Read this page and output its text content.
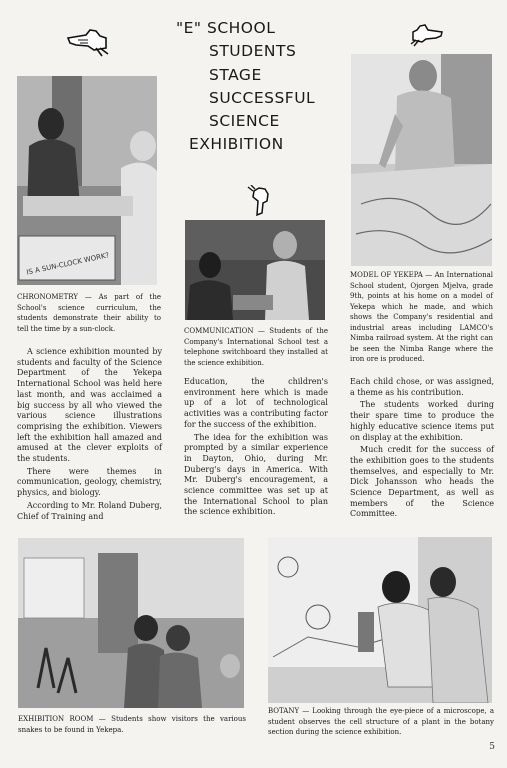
"E" SCHOOL
STUDENTS
STAGE
SUCCESSFUL
SCIENCE
EXHIBITION
IS A SUN-CLOCK WORK?
CHRONOMETRY — As part of the School's science curriculum, the students demonstrate their ability to tell the time by a sun-clock.	COMMUNICATION — Students of the Company's International School test a telephone switchboard they installed at the science exhibition.
MODEL OF YEKEPA — An International School student, Ojorgen Mjelva, grade 9th, points at his home on a model of Yekepa which he made, and which shows the Company's residential and industrial areas including LAMCO's Nimba railroad system. At the right can be seen the Nimba Range where the iron ore is produced.

A science exhibition mounted by students and faculty of the Science Department of the Yekepa International School was held here last month, and was acclaimed a big success by all who viewed the various science illustrations comprising the exhibition. Viewers left the exhibition hall amazed and amused at the clever exploits of the students.

There were themes in communication, geology, chemistry, physics, and biology.

According to Mr. Roland Duberg, Chief of Training and

Education, the children's environment here which is made up of a lot of technological activities was a contributing factor for the success of the exhibition.

The idea for the exhibition was prompted by a similar experience in Dayton, Ohio, during Mr. Duberg's days in America. With Mr. Duberg's encouragement, a science committee was set up at the International School to plan the science exhibition.

Each child chose, or was assigned, a theme as his contribution.

The students worked during their spare time to produce the highly educative science items put on display at the exhibition.

Much credit for the success of the exhibition goes to the students themselves, and especially to Mr. Dick Johansson who heads the Science Department, as well as members of the Science Committee.

EXHIBITION ROOM — Students show visitors the various snakes to be found in Yekepa.
BOTANY — Looking through the eye-piece of a microscope, a student observes the cell structure of a plant in the botany section during the science exhibition.
5
